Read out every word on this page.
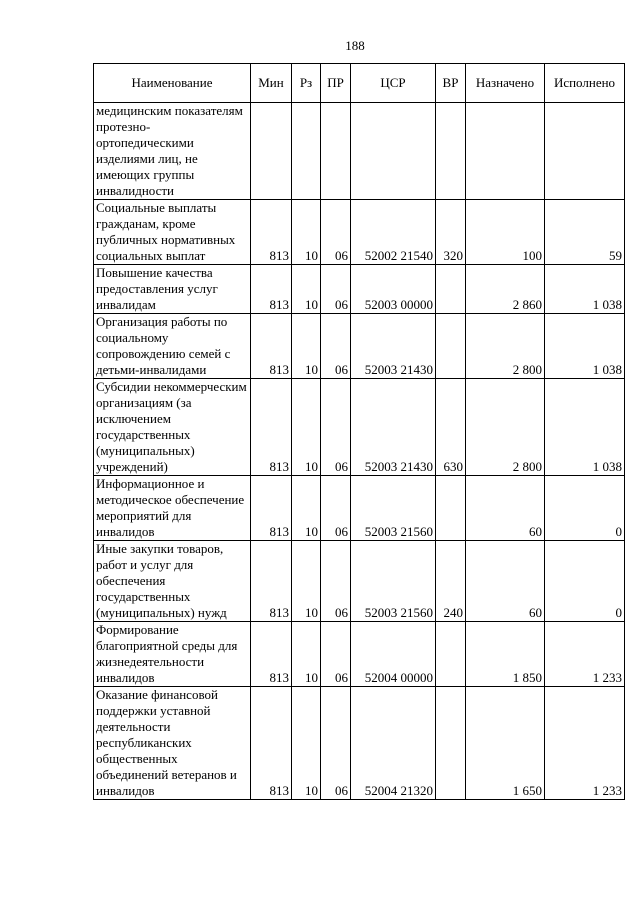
188
Наименование	Мин	Рз	ПР	ЦСР	ВР	Назначено	Исполнено
медицинским показателям протезно-ортопедическими изделиями лиц, не имеющих группы инвалидности							
Социальные выплаты гражданам, кроме публичных нормативных социальных выплат	813	10	06	52002 21540	320	100	59
Повышение качества предоставления услуг инвалидам	813	10	06	52003 00000		2 860	1 038
Организация работы по социальному сопровождению семей с детьми-инвалидами	813	10	06	52003 21430		2 800	1 038
Субсидии некоммерческим организациям (за исключением государственных (муниципальных) учреждений)	813	10	06	52003 21430	630	2 800	1 038
Информационное и методическое обеспечение мероприятий для инвалидов	813	10	06	52003 21560		60	0
Иные закупки товаров, работ и услуг для обеспечения государственных (муниципальных) нужд	813	10	06	52003 21560	240	60	0
Формирование благоприятной среды для жизнедеятельности инвалидов	813	10	06	52004 00000		1 850	1 233
Оказание финансовой поддержки уставной деятельности республиканских общественных объединений ветеранов и инвалидов	813	10	06	52004 21320		1 650	1 233
